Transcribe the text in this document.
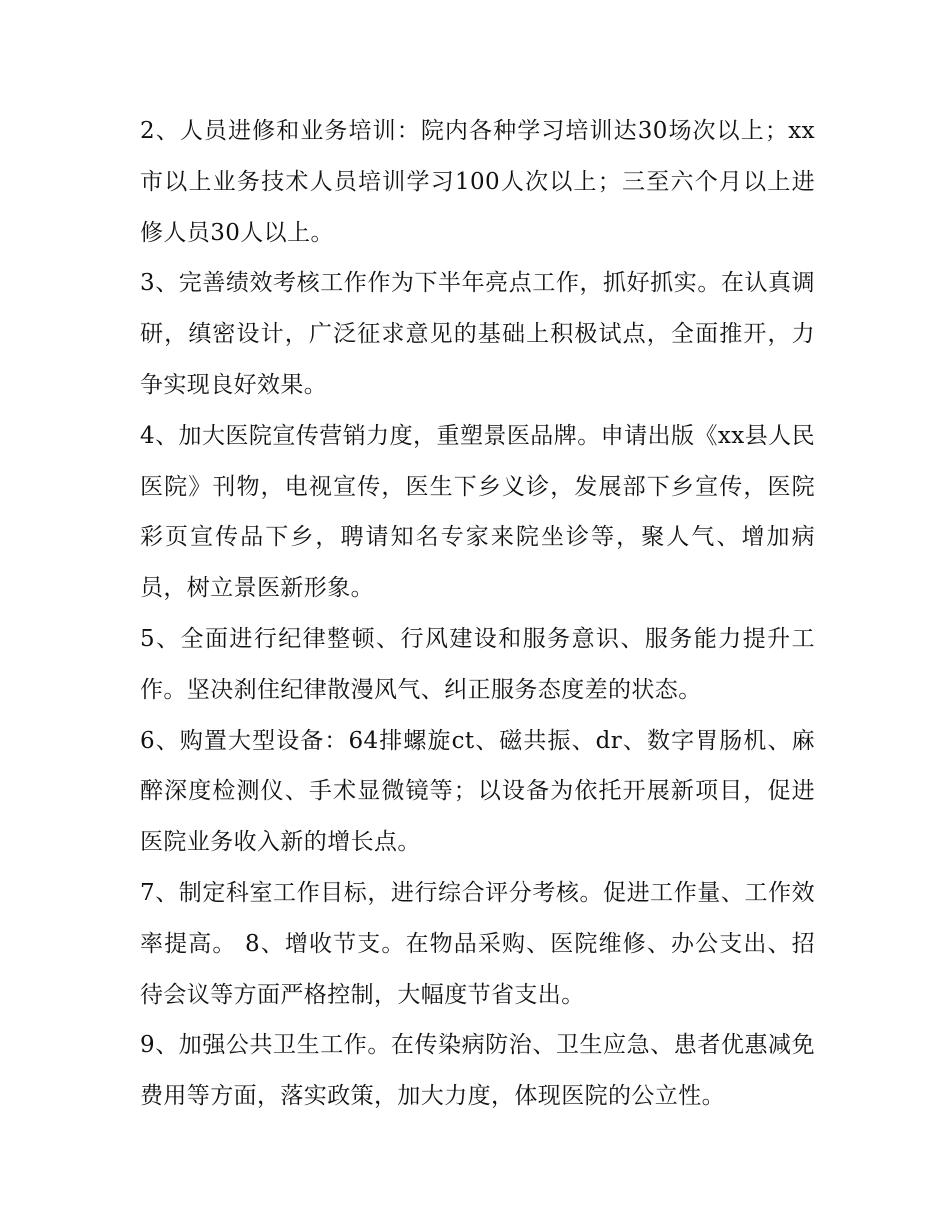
2、人员进修和业务培训：院内各种学习培训达30场次以上；xx市以上业务技术人员培训学习100人次以上；三至六个月以上进修人员30人以上。

3、完善绩效考核工作作为下半年亮点工作，抓好抓实。在认真调研，缜密设计，广泛征求意见的基础上积极试点，全面推开，力争实现良好效果。

4、加大医院宣传营销力度，重塑景医品牌。申请出版《xx县人民医院》刊物，电视宣传，医生下乡义诊，发展部下乡宣传，医院彩页宣传品下乡，聘请知名专家来院坐诊等，聚人气、增加病员，树立景医新形象。

5、全面进行纪律整顿、行风建设和服务意识、服务能力提升工作。坚决刹住纪律散漫风气、纠正服务态度差的状态。

6、购置大型设备：64排螺旋ct、磁共振、dr、数字胃肠机、麻醉深度检测仪、手术显微镜等；以设备为依托开展新项目，促进医院业务收入新的增长点。

7、制定科室工作目标，进行综合评分考核。促进工作量、工作效率提高。 8、增收节支。在物品采购、医院维修、办公支出、招待会议等方面严格控制，大幅度节省支出。

9、加强公共卫生工作。在传染病防治、卫生应急、患者优惠减免费用等方面，落实政策，加大力度，体现医院的公立性。
